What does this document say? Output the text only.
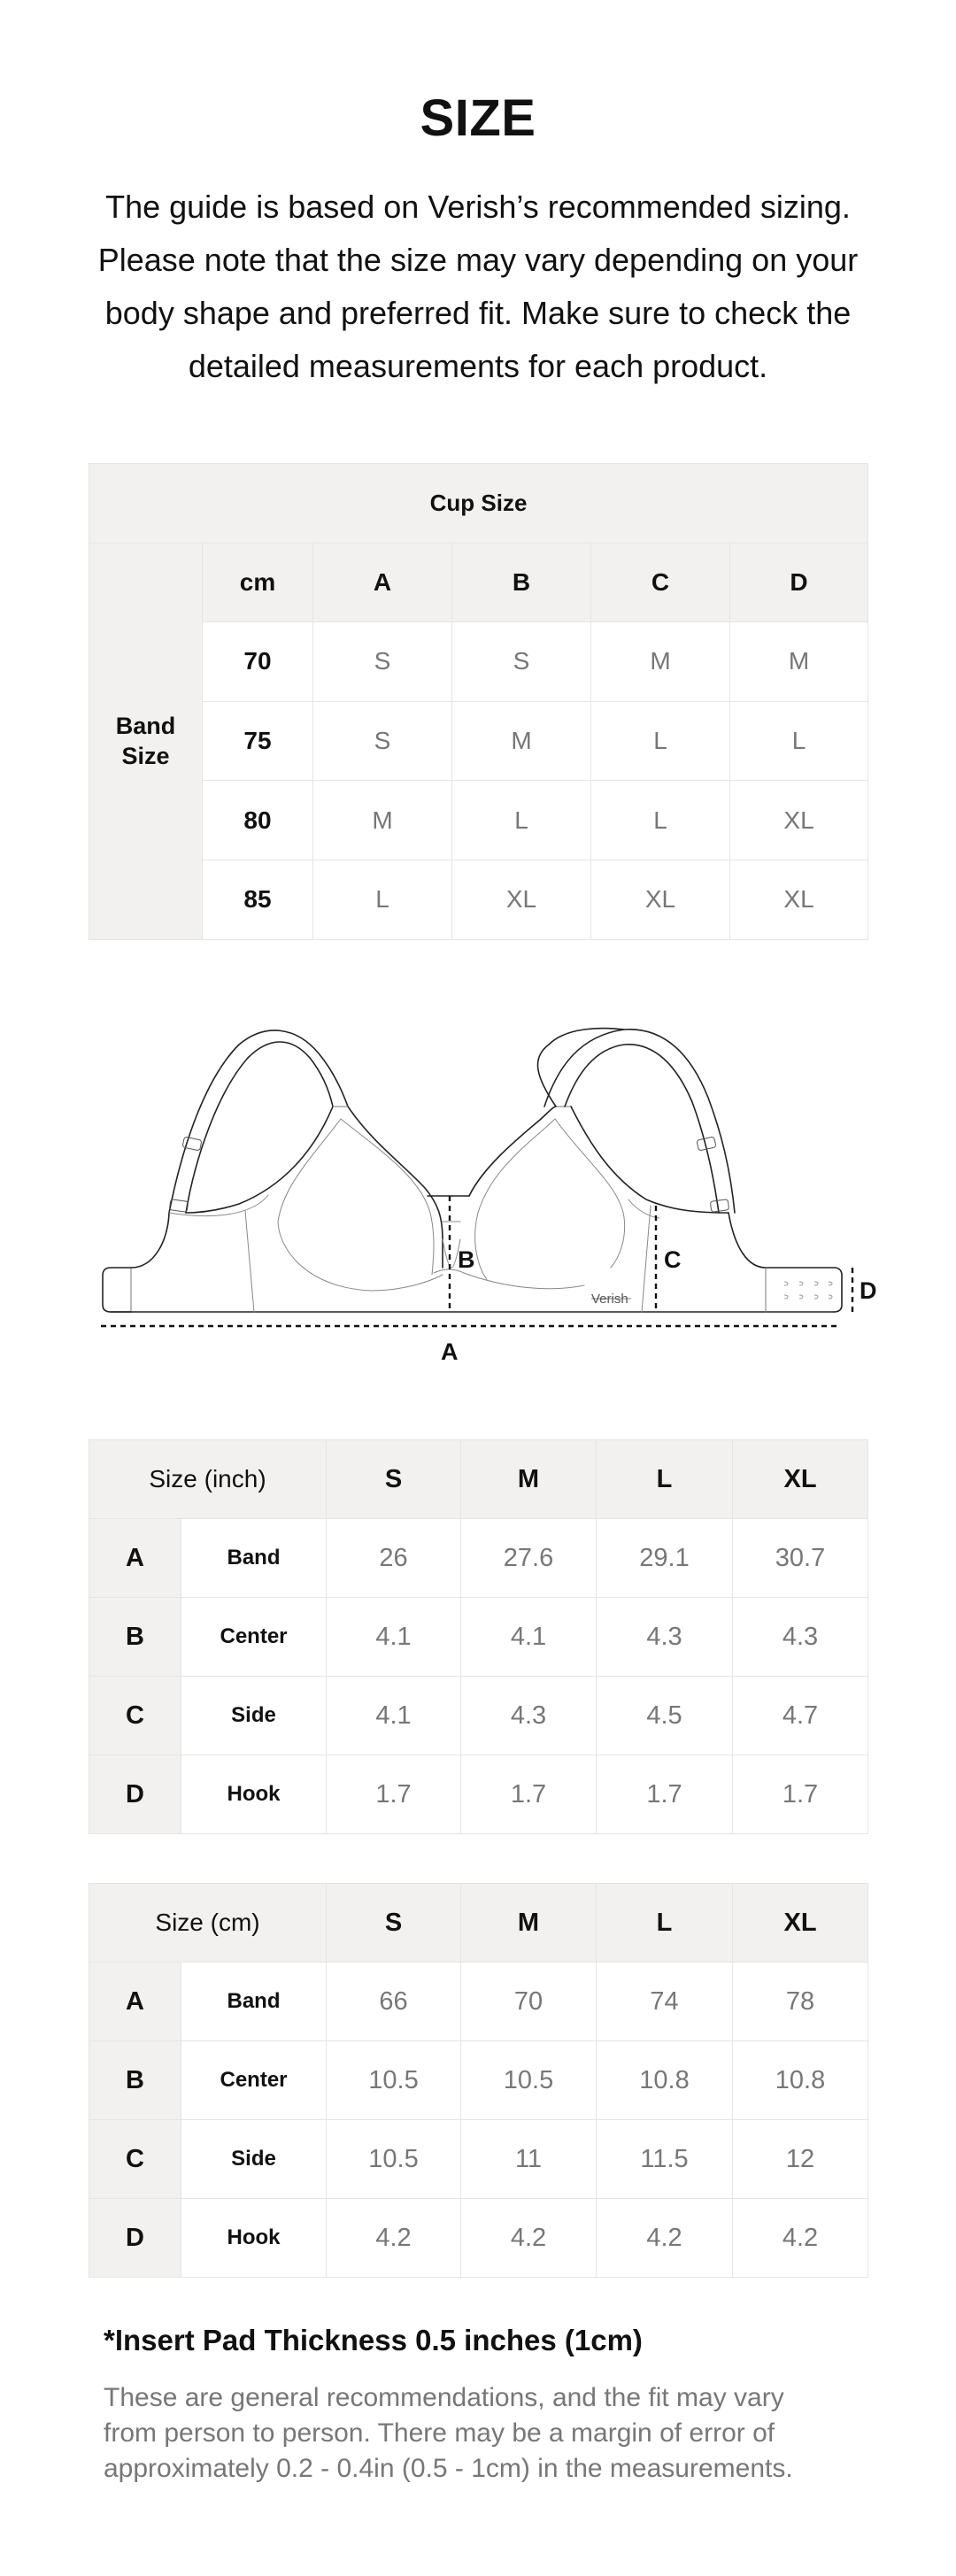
SIZE
The guide is based on Verish’s recommended sizing.
Please note that the size may vary depending on your
body shape and preferred fit. Make sure to check the
detailed measurements for each product.
Cup Size					
Band
Size	cm	A	B	C	D
	70	S	S	M	M
	75	S	M	L	L
	80	M	L	L	XL
	85	L	XL	XL	XL
Verish
A
B	C
D
Size (inch)		S	M	L	XL
A	Band	26	27.6	29.1	30.7
B	Center	4.1	4.1	4.3	4.3
C	Side	4.1	4.3	4.5	4.7
D	Hook	1.7	1.7	1.7	1.7
Size (cm)		S	M	L	XL
A	Band	66	70	74	78
B	Center	10.5	10.5	10.8	10.8
C	Side	10.5	11	11.5	12
D	Hook	4.2	4.2	4.2	4.2
*Insert Pad Thickness 0.5 inches (1cm)
These are general recommendations, and the fit may vary
from person to person. There may be a margin of error of
approximately 0.2 - 0.4in (0.5 - 1cm) in the measurements.
